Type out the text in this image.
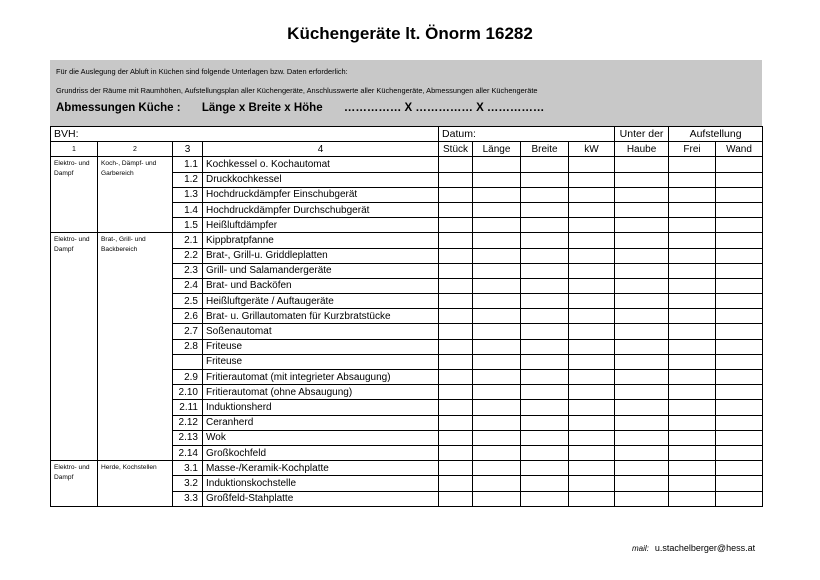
Küchengeräte lt. Önorm 16282
Für die Auslegung der Abluft in Küchen sind folgende Unterlagen bzw. Daten erforderlich:
Grundriss der Räume mit Raumhöhen, Aufstellungsplan aller Küchengeräte, Anschlusswerte aller Küchengeräte, Abmessungen aller Küchengeräte
Abmessungen Küche : Länge x Breite x Höhe …………… X …………… X ……………
BVH:				Datum:				Unter der	Aufstellung	
1	2	3	4	Stück	Länge	Breite	kW	Haube	Frei	Wand
Elektro- und Dampf	Koch-, Dämpf- und Garbereich	1.1	Kochkessel o. Kochautomat							
		1.2	Druckkochkessel							
		1.3	Hochdruckdämpfer Einschubgerät							
		1.4	Hochdruckdämpfer Durchschubgerät							
		1.5	Heißluftdämpfer							
Elektro- und Dampf	Brat-, Grill- und Backbereich	2.1	Kippbratpfanne							
		2.2	Brat-, Grill-u. Griddleplatten							
		2.3	Grill- und Salamandergeräte							
		2.4	Brat- und Backöfen							
		2.5	Heißluftgeräte / Auftaugeräte							
		2.6	Brat- u. Grillautomaten für Kurzbratstücke							
		2.7	Soßenautomat							
		2.8	Friteuse							
			Friteuse							
		2.9	Fritierautomat (mit integrieter Absaugung)							
		2.10	Fritierautomat (ohne Absaugung)							
		2.11	Induktionsherd							
		2.12	Ceranherd							
		2.13	Wok							
		2.14	Großkochfeld							
Elektro- und Dampf	Herde, Kochstellen	3.1	Masse-/Keramik-Kochplatte							
		3.2	Induktionskochstelle							
		3.3	Großfeld-Stahplatte							
mail: u.stachelberger@hess.at
